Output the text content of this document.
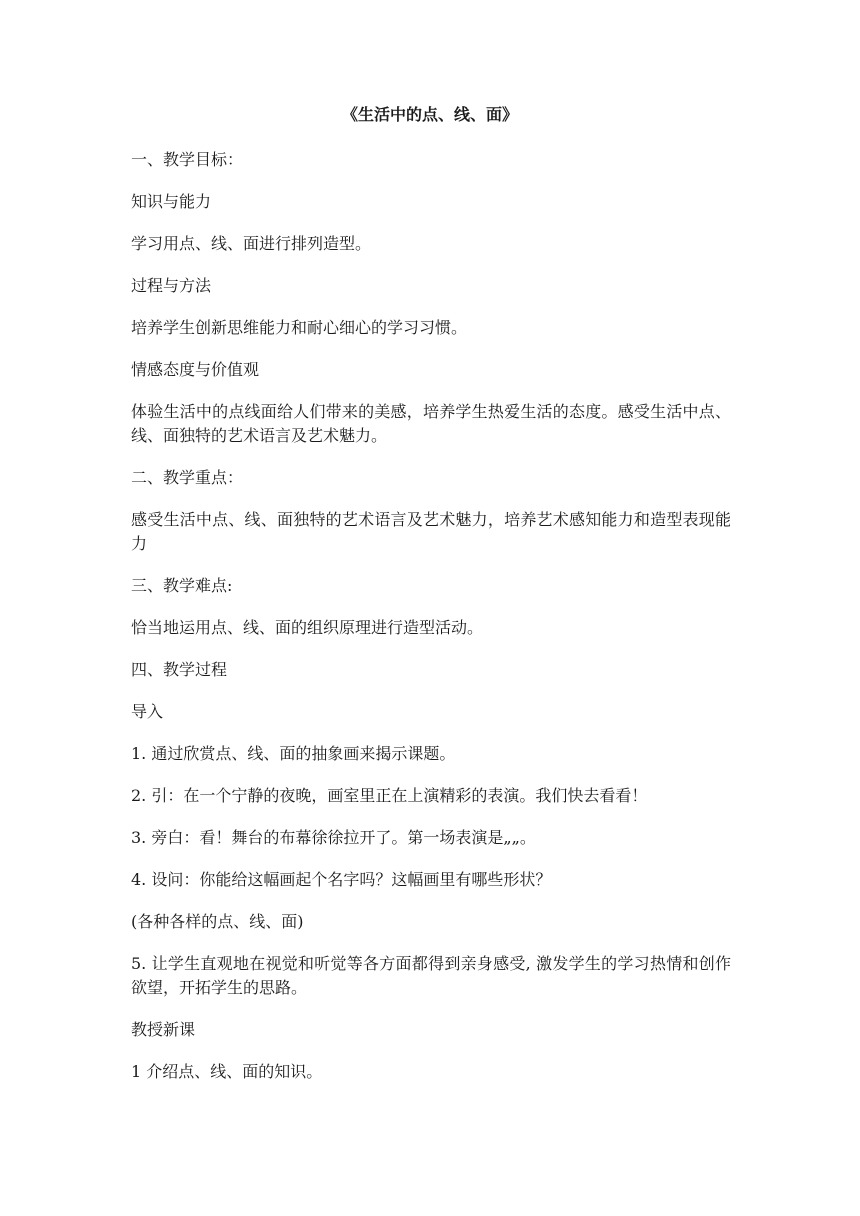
《生活中的点、线、面》

一、教学目标：

知识与能力

学习用点、线、面进行排列造型。

过程与方法

培养学生创新思维能力和耐心细心的学习习惯。

情感态度与价值观

体验生活中的点线面给人们带来的美感，培养学生热爱生活的态度。感受生活中点、线、面独特的艺术语言及艺术魅力。

二、教学重点：

感受生活中点、线、面独特的艺术语言及艺术魅力，培养艺术感知能力和造型表现能力

三、教学难点:

恰当地运用点、线、面的组织原理进行造型活动。

四、教学过程

导入

1. 通过欣赏点、线、面的抽象画来揭示课题。

2. 引：在一个宁静的夜晚，画室里正在上演精彩的表演。我们快去看看！

3. 旁白：看！舞台的布幕徐徐拉开了。第一场表演是„„。

4. 设问：你能给这幅画起个名字吗？这幅画里有哪些形状？

(各种各样的点、线、面)

5. 让学生直观地在视觉和听觉等各方面都得到亲身感受, 激发学生的学习热情和创作欲望，开拓学生的思路。

教授新课

1 介绍点、线、面的知识。
